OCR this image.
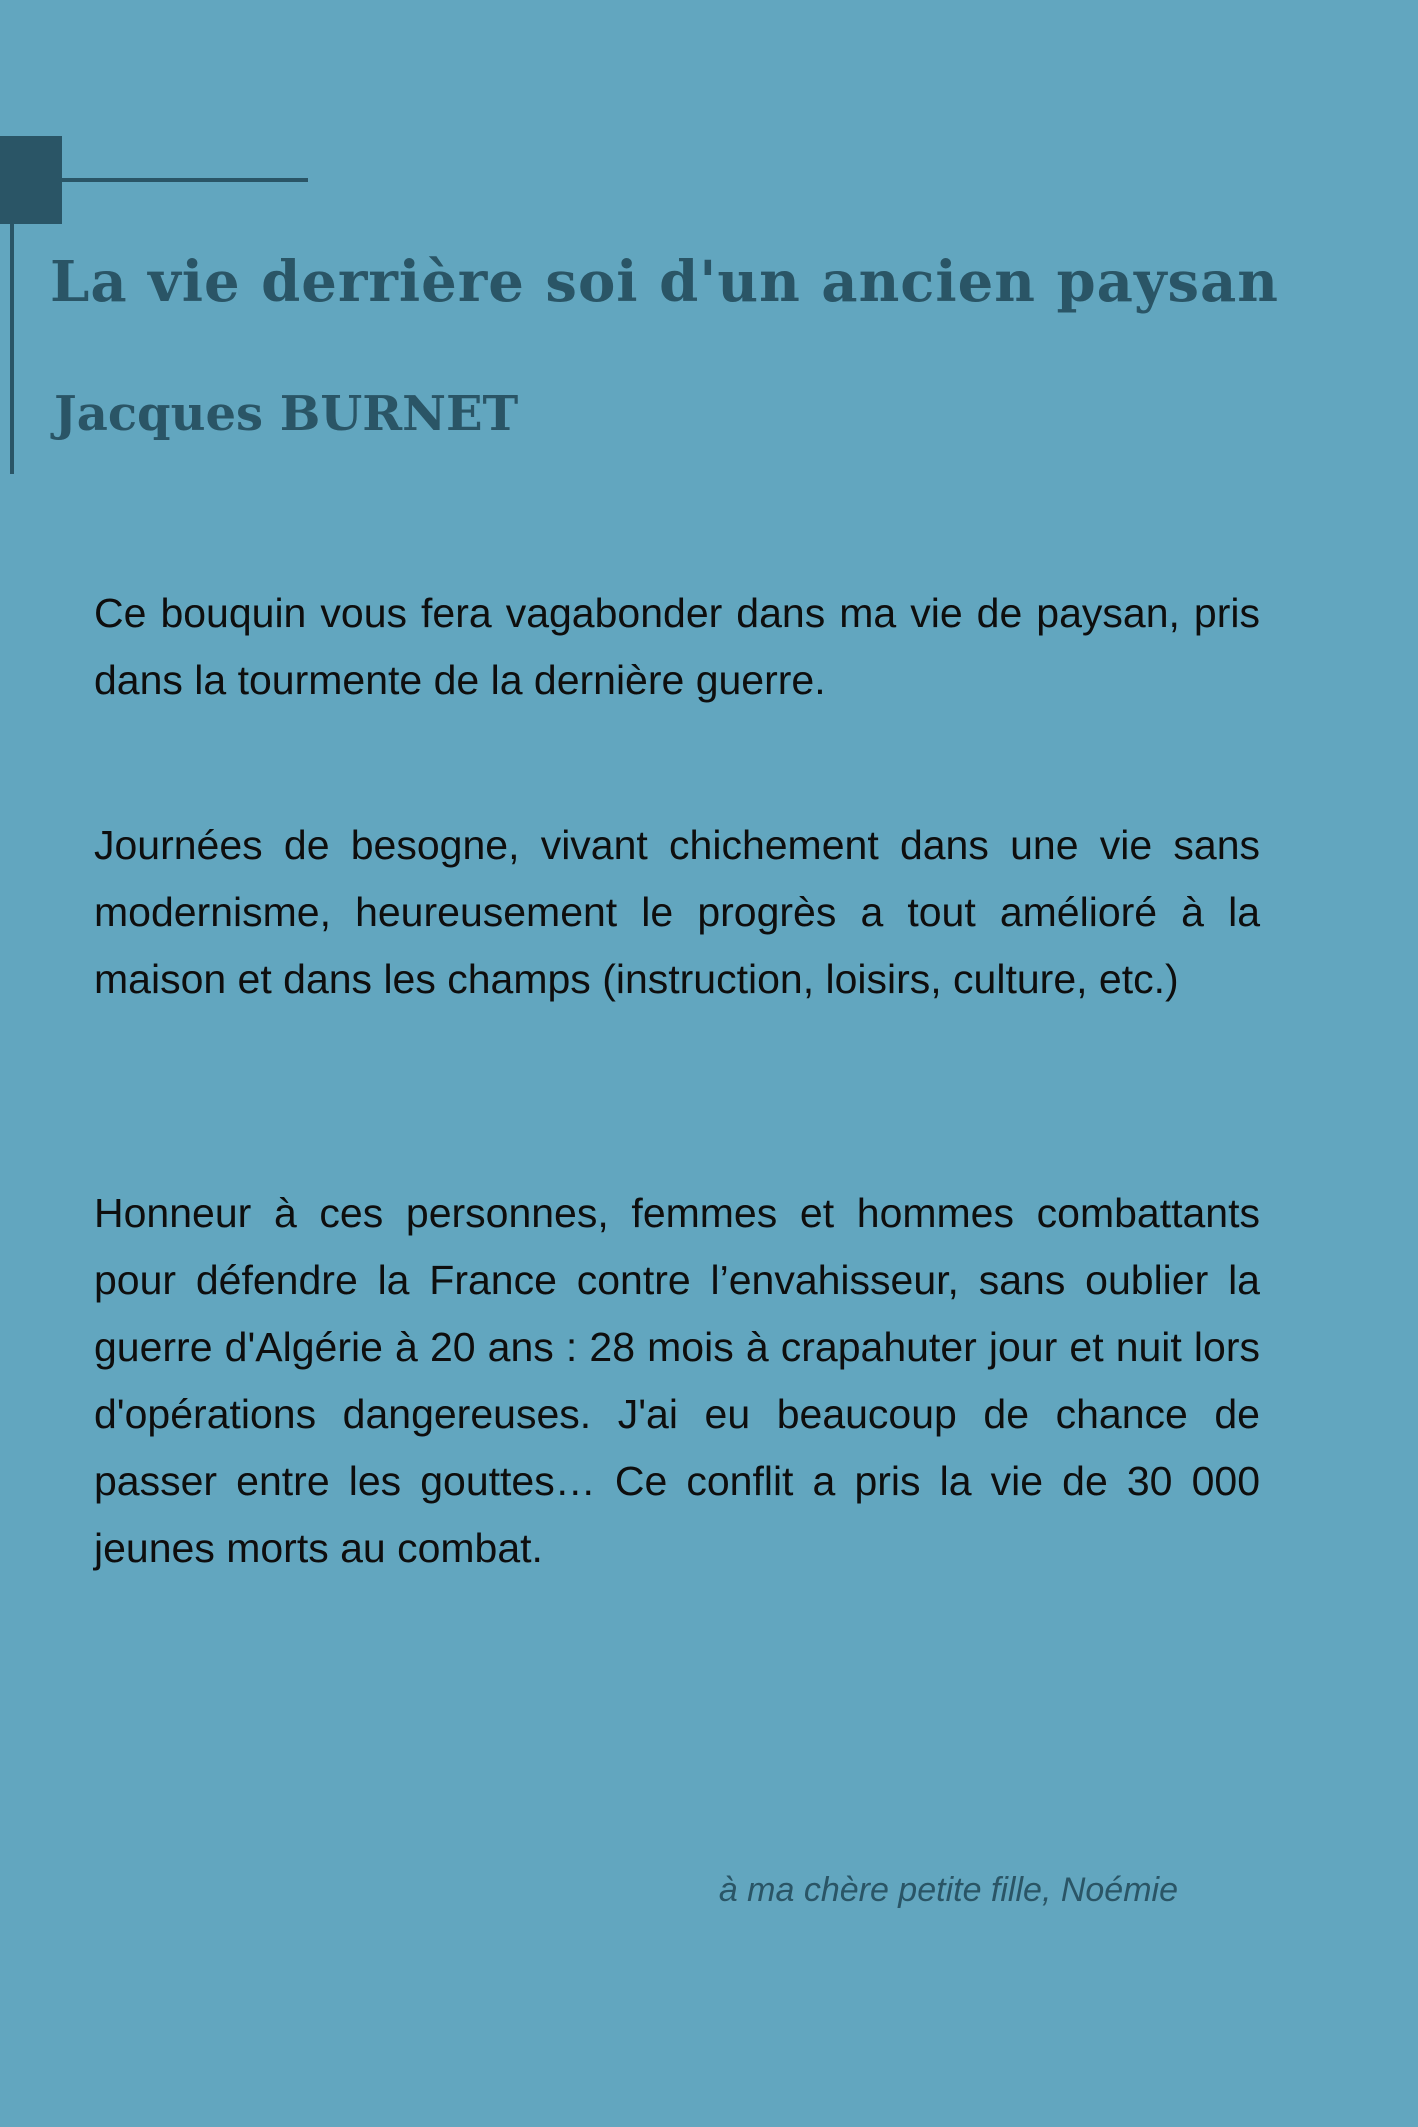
La vie derrière soi d'un ancien paysan
Jacques BURNET

Ce bouquin vous fera vagabonder dans ma vie de paysan, pris dans la tourmente de la dernière guerre.

Journées de besogne, vivant chichement dans une vie sans modernisme, heureusement le progrès a tout amélioré à la maison et dans les champs (instruction, loisirs, culture, etc.)

Honneur à ces personnes, femmes et hommes combattants pour défendre la France contre l’envahisseur, sans oublier la guerre d'Algérie à 20 ans : 28 mois à crapahuter jour et nuit lors d'opérations dangereuses. J'ai eu beaucoup de chance de passer entre les gouttes… Ce conflit a pris la vie de 30 000 jeunes morts au combat.

à ma chère petite fille, Noémie
